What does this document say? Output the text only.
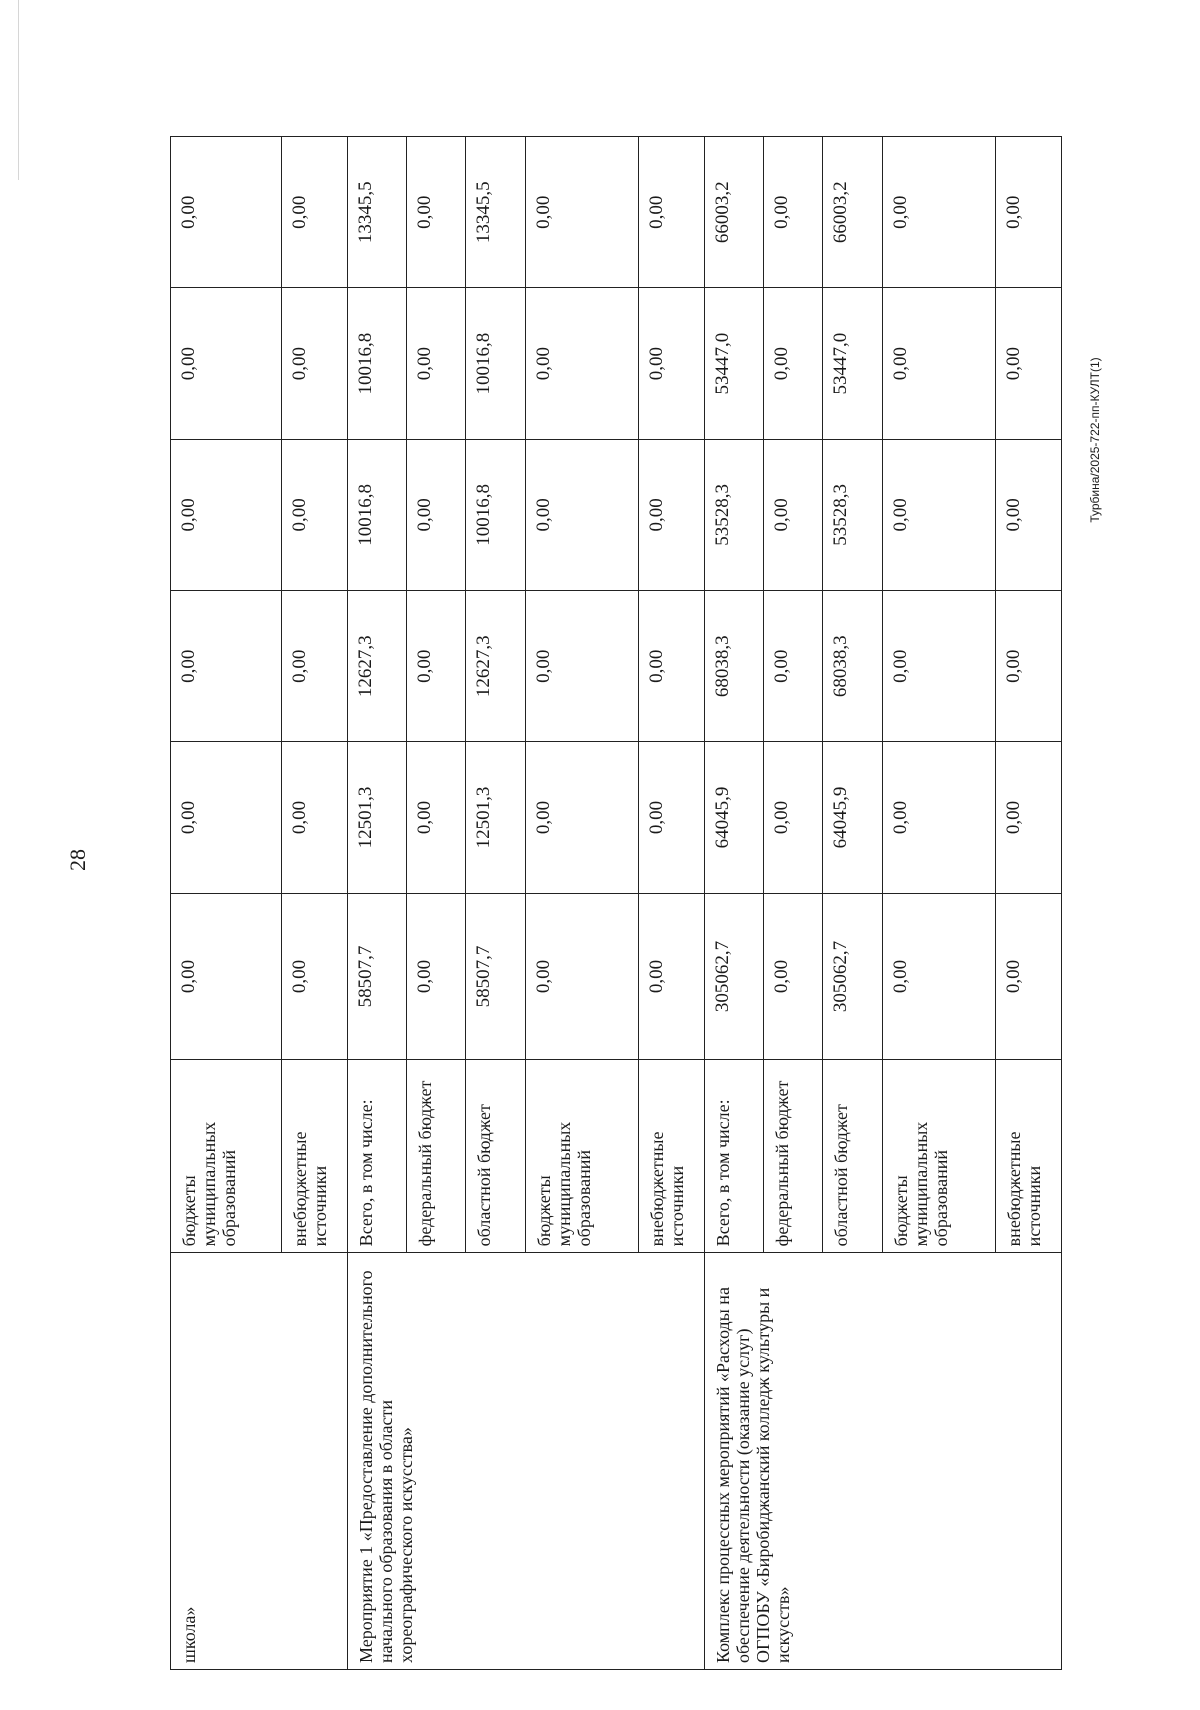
28
Турбина/2025-722-пп-КУЛТ(1)
школа»	бюджеты муниципальных образований	0,00	0,00	0,00	0,00	0,00	0,00
	внебюджетные источники	0,00	0,00	0,00	0,00	0,00	0,00
Мероприятие 1 «Предоставление дополнительного начального образования в области хореографического искусства»	Всего, в том числе:	58507,7	12501,3	12627,3	10016,8	10016,8	13345,5
	федеральный бюджет	0,00	0,00	0,00	0,00	0,00	0,00
	областной бюджет	58507,7	12501,3	12627,3	10016,8	10016,8	13345,5
	бюджеты муниципальных образований	0,00	0,00	0,00	0,00	0,00	0,00
	внебюджетные источники	0,00	0,00	0,00	0,00	0,00	0,00
Комплекс процессных мероприятий «Расходы на обеспечение деятельности (оказание услуг) ОГПОБУ «Биробиджанский колледж культуры и искусств»	Всего, в том числе:	305062,7	64045,9	68038,3	53528,3	53447,0	66003,2
	федеральный бюджет	0,00	0,00	0,00	0,00	0,00	0,00
	областной бюджет	305062,7	64045,9	68038,3	53528,3	53447,0	66003,2
	бюджеты муниципальных образований	0,00	0,00	0,00	0,00	0,00	0,00
	внебюджетные источники	0,00	0,00	0,00	0,00	0,00	0,00
